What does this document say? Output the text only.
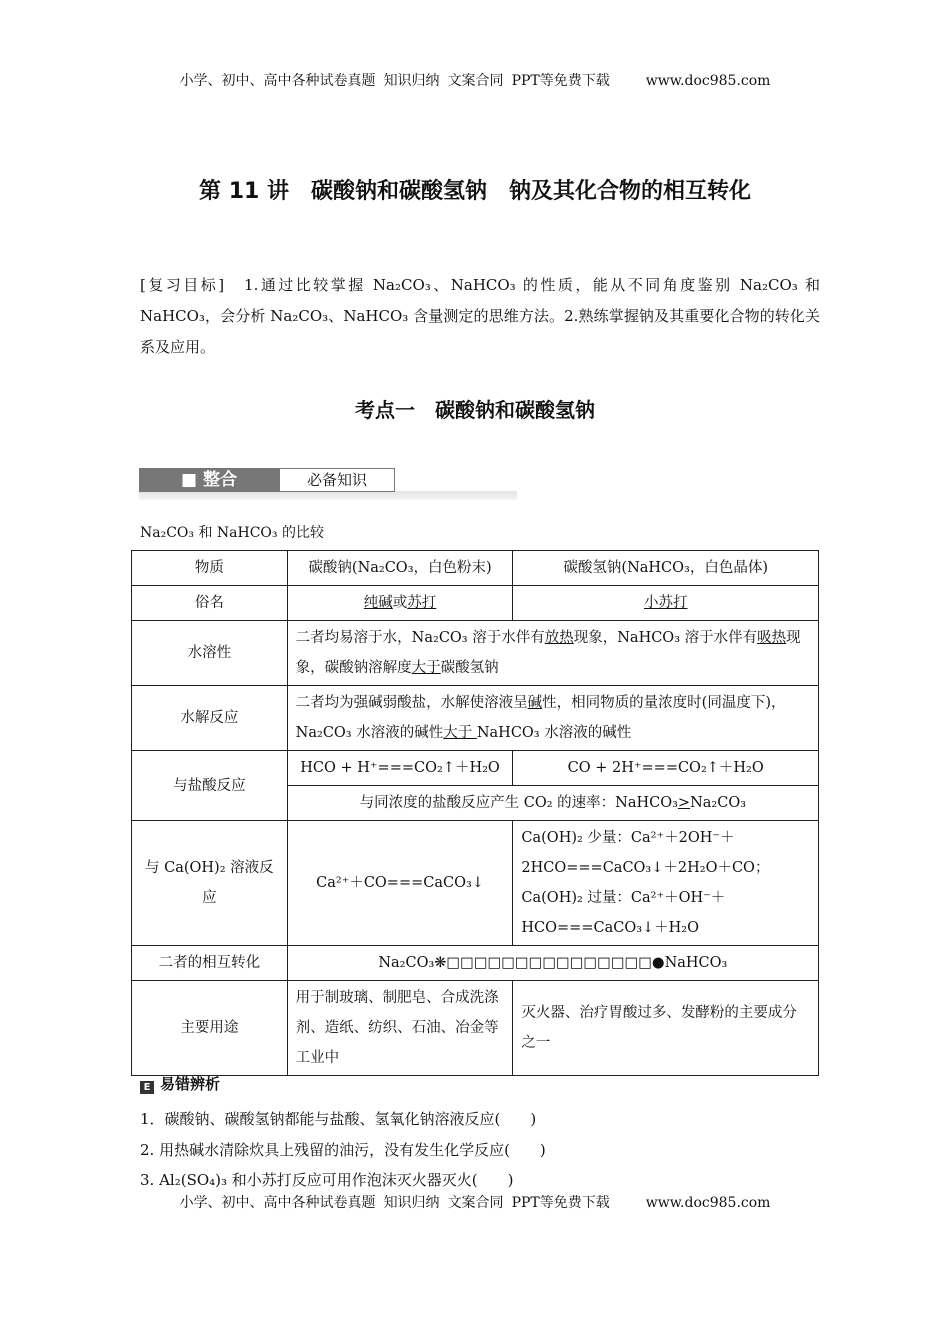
小学、初中、高中各种试卷真题 知识归纳 文案合同 PPT等免费下载　　	www.doc985.com
第 11 讲　碳酸钠和碳酸氢钠　钠及其化合物的相互转化
[复习目标]　1.通过比较掌握 Na₂CO₃、NaHCO₃ 的性质，能从不同角度鉴别 Na₂CO₃ 和 NaHCO₃，会分析 Na₂CO₃、NaHCO₃ 含量测定的思维方法。2.熟练掌握钠及其重要化合物的转化关系及应用。
考点一　碳酸钠和碳酸氢钠
■ 整合	必备知识
Na₂CO₃ 和 NaHCO₃ 的比较
物质	碳酸钠(Na₂CO₃，白色粉末)	碳酸氢钠(NaHCO₃，白色晶体)
俗名	纯碱或苏打	小苏打
水溶性	二者均易溶于水，Na₂CO₃ 溶于水伴有放热现象，NaHCO₃ 溶于水伴有吸热现象，碳酸钠溶解度大于碳酸氢钠	
水解反应	二者均为强碱弱酸盐，水解使溶液呈碱性，相同物质的量浓度时(同温度下)，Na₂CO₃ 水溶液的碱性大于 NaHCO₃ 水溶液的碱性	
与盐酸反应	HCO + H⁺===CO₂↑＋H₂O	CO + 2H⁺===CO₂↑＋H₂O
	与同浓度的盐酸反应产生 CO₂ 的速率：NaHCO₃>Na₂CO₃	
与 Ca(OH)₂ 溶液反应	Ca²⁺＋CO===CaCO₃↓	Ca(OH)₂ 少量：Ca²⁺＋2OH⁻＋
2HCO===CaCO₃↓＋2H₂O＋CO；
Ca(OH)₂ 过量：Ca²⁺＋OH⁻＋
HCO===CaCO₃↓＋H₂O

二者的相互转化	Na₂CO₃❋□□□□□□□□□□□□□□□●NaHCO₃	
主要用途	用于制玻璃、制肥皂、合成洗涤剂、造纸、纺织、石油、冶金等工业中	灭火器、治疗胃酸过多、发酵粉的主要成分之一
E 易错辨析
1．碳酸钠、碳酸氢钠都能与盐酸、氢氧化钠溶液反应(　　)
2. 用热碱水清除炊具上残留的油污，没有发生化学反应(　　)
3. Al₂(SO₄)₃ 和小苏打反应可用作泡沫灭火器灭火(　　)
小学、初中、高中各种试卷真题 知识归纳 文案合同 PPT等免费下载　　	www.doc985.com
